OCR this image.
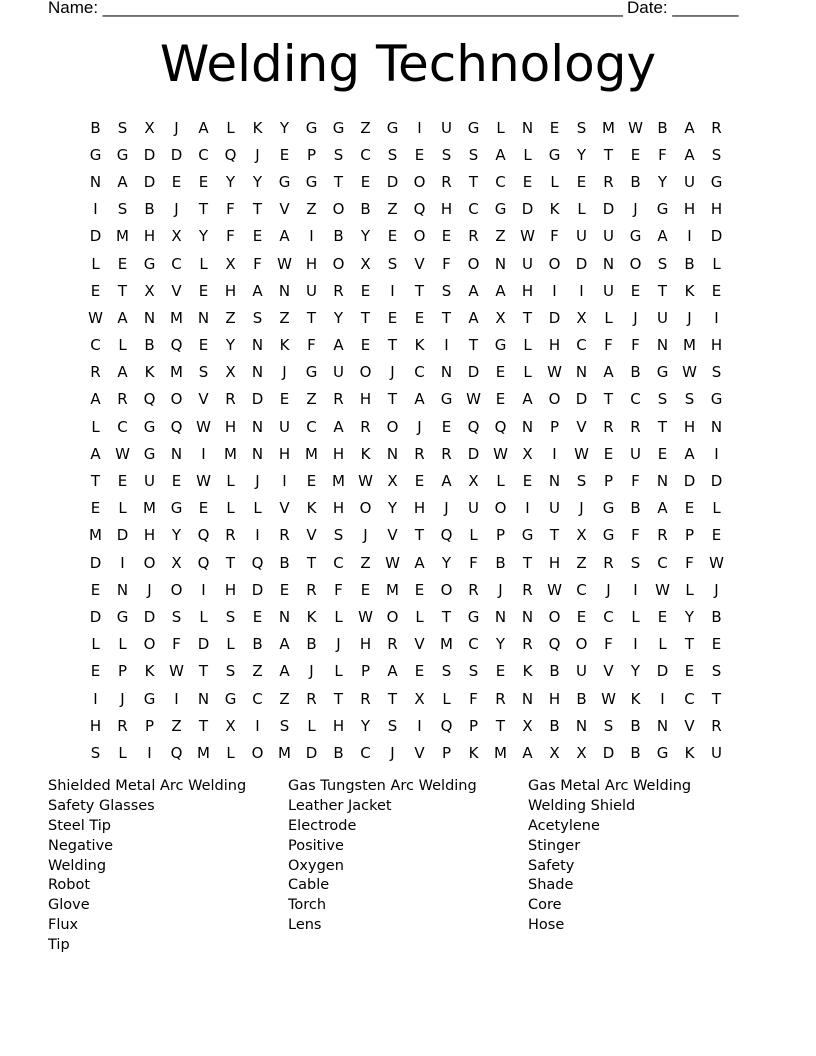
Name: _______________________________________________________ Date: _______
Welding Technology
B	S	X	J	A	L	K	Y	G	G	Z	G	I	U	G	L	N	E	S	M W B	A	R
G	G	D	D	C	Q	J	E	P	S	C	S	E	S	S	A	L	G	Y	T	E	F	A	S
N	A	D	E	E	Y	Y	G	G	T	E	D	O	R	T	C	E	L	E	R	B	Y	U	G
I	S	B	J	T	F	T	V	Z	O	B	Z	Q	H	C	G	D	K	L	D	J	G	H	H
D M H	X	Y	F	E	A	I	B	Y	E	O	E	R	Z W	F	U	U	G	A	I	D
L	E	G	C	L	X	F	W H	O	X	S	V	F	O	N	U	O	D	N	O	S	B	L
E	T	X	V	E	H	A	N	U	R	E	I	T	S	A	A	H	I	I	U	E	T	K	E
W A	N M N	Z	S	Z	T	Y	T	E	E	T	A	X	T	D	X	L	J	U	J	I
C	L	B	Q	E	Y	N	K	F	A	E	T	K	I	T	G	L	H	C	F	F	N M H
R	A	K	M	S	X	N	J	G	U	O	J	C	N	D	E	L	W N	A	B	G W S
A	R	Q	O	V	R	D	E	Z	R	H	T	A	G W E	A	O	D	T	C	S	S	G
L	C	G	Q W H	N	U	C	A	R	O	J	E	Q	Q	N	P	V	R	R	T	H	N
A W G	N	I	M N	H M H	K	N	R	R	D W X	I	W E	U	E	A	I
T	E	U	E W	L	J	I	E	M W X	E	A	X	L	E	N	S	P	F	N	D	D
E	L	M G	E	L	L	V	K	H	O	Y	H	J	U	O	I	U	J	G	B	A	E	L
M D	H	Y	Q	R	I	R	V	S	J	V	T	Q	L	P	G	T	X	G	F	R	P	E
D	I	O	X	Q	T	Q	B	T	C	Z W A	Y	F	B	T	H	Z	R	S	C	F	W
E	N	J	O	I	H	D	E	R	F	E	M	E	O	R	J	R W C	J	I	W	L	J
D	G	D	S	L	S	E	N	K	L	W O	L	T	G	N	N	O	E	C	L	E	Y	B
L	L	O	F	D	L	B	A	B	J	H	R	V	M	C	Y	R	Q	O	F	I	L	T	E
E	P	K W T	S	Z	A	J	L	P	A	E	S	S	E	K	B	U	V	Y	D	E	S
I	J	G	I	N	G	C	Z	R	T	R	T	X	L	F	R	N	H	B W K	I	C	T
H	R	P	Z	T	X	I	S	L	H	Y	S	I	Q	P	T	X	B	N	S	B	N	V	R
S	L	I	Q M	L	O M D	B	C	J	V	P	K	M	A	X	X	D	B	G	K	U
Shielded Metal Arc Welding	Gas Tungsten Arc Welding	Gas Metal Arc Welding
Safety Glasses	Leather Jacket	Welding Shield
Steel Tip	Electrode	Acetylene
Negative	Positive	Stinger
Welding	Oxygen	Safety
Robot	Cable	Shade
Glove	Torch	Core
Flux	Lens	Hose
Tip
